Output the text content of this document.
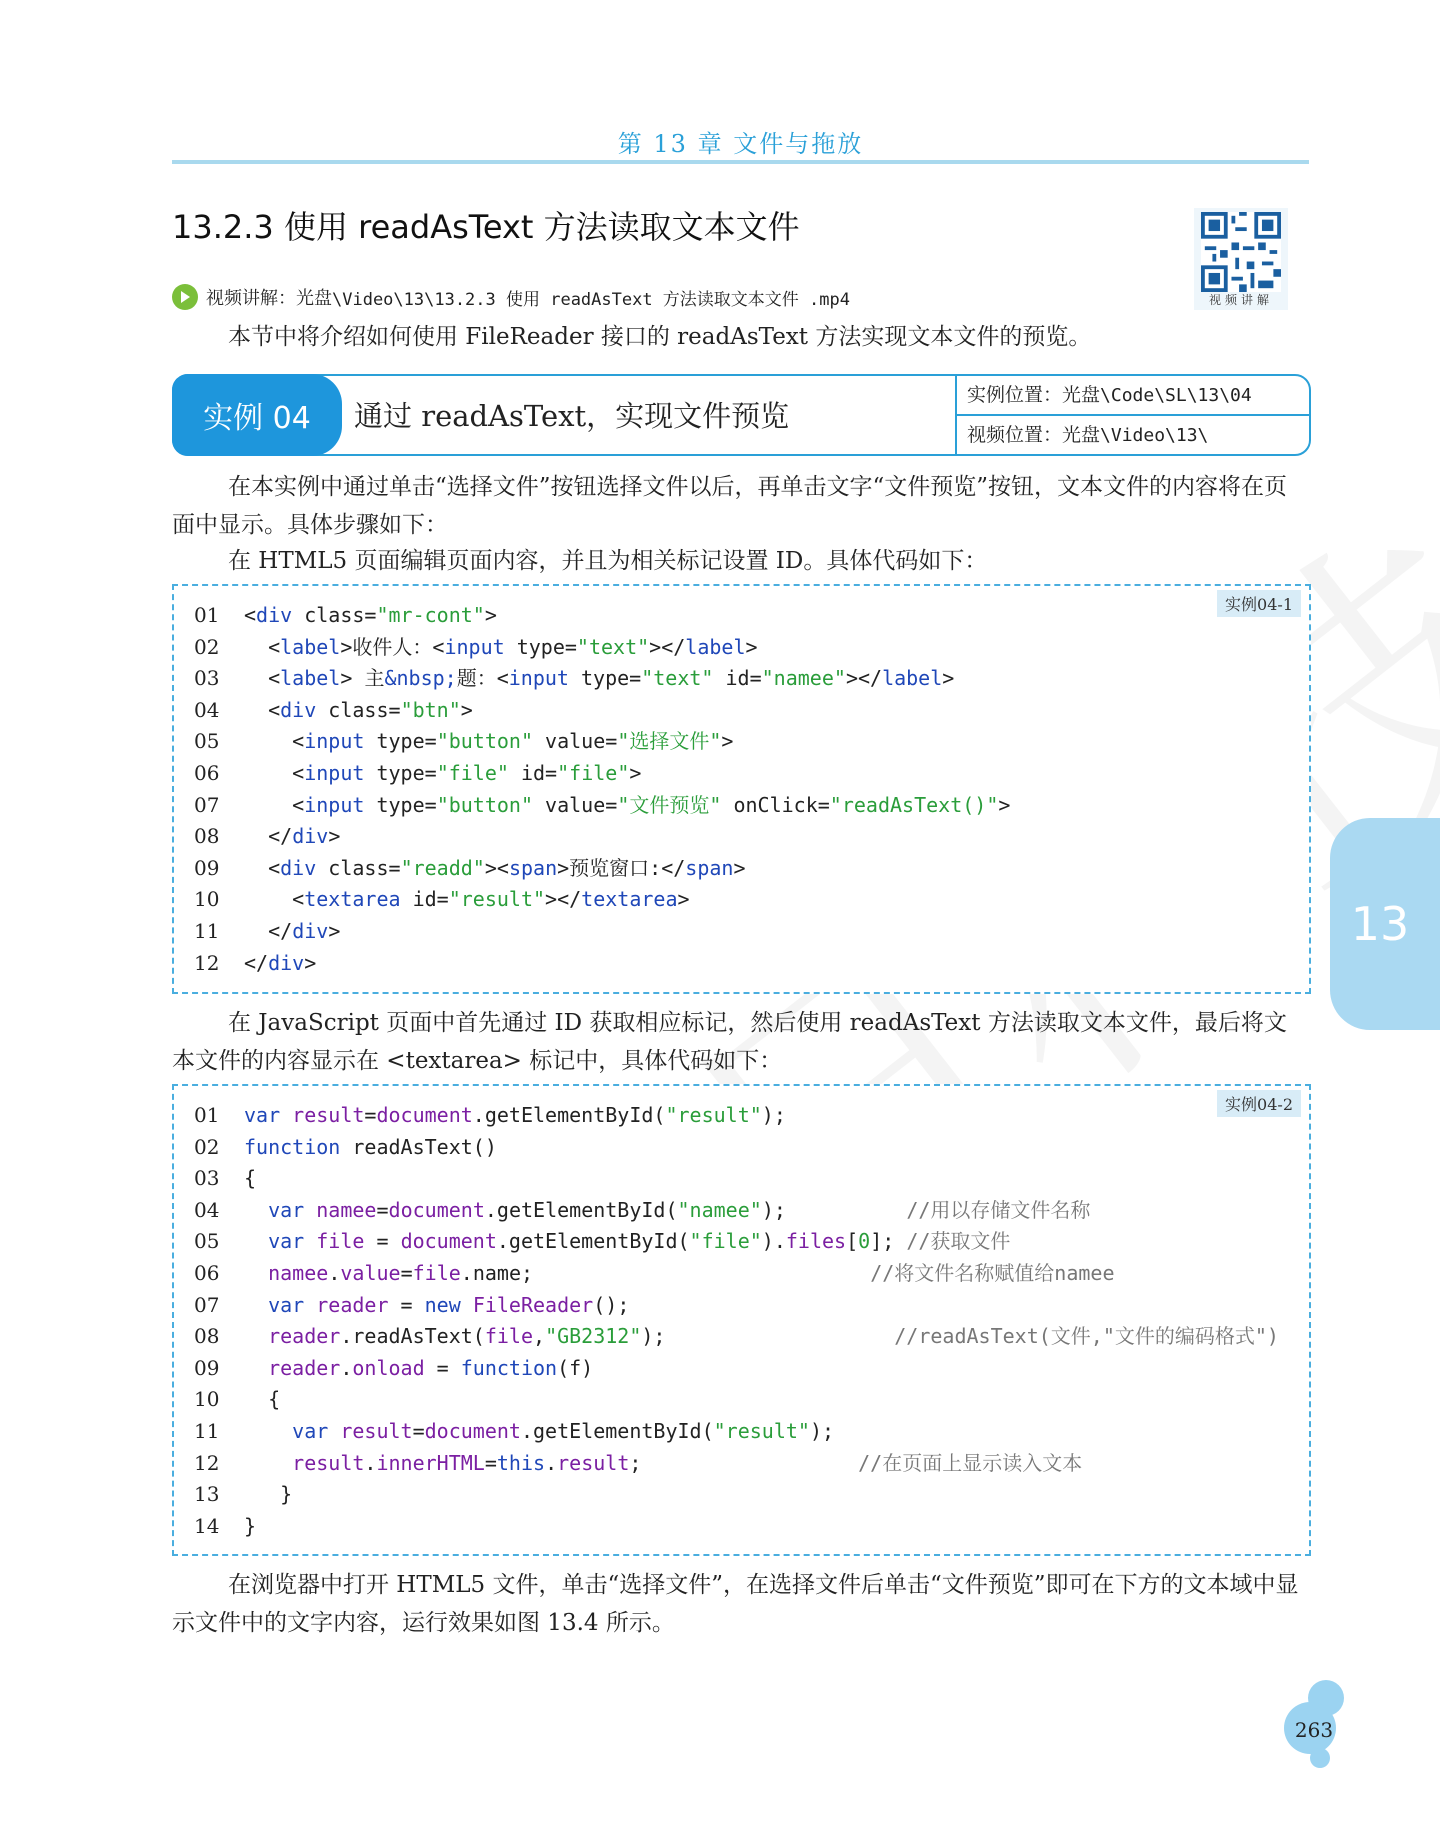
第 13 章 文件与拖放
13.2.3 使用 readAsText 方法读取文本文件
视频讲解
视频讲解：光盘 \Video\13\13.2.3 使用 readAsText 方法读取文本文件 .mp4
本节中将介绍如何使用 FileReader 接口的 readAsText 方法实现文本文件的预览。
实例 04	通过 readAsText，实现文件预览
实例位置：光盘\Code\SL\13\04
视频位置：光盘\Video\13\
在本实例中通过单击“选择文件”按钮选择文件以后，再单击文字“文件预览”按钮，文本文件的内容将在页面中显示。具体步骤如下：
在 HTML5 页面编辑页面内容，并且为相关标记设置 ID。具体代码如下：
实例04-1
01 <div class="mr-cont">
02 <label>收件人：<input type="text"></label>
03 <label> 主&nbsp;题：<input type="text" id="namee"></label>
04 <div class="btn">
05	<input type="button" value="选择文件">
06	<input type="file" id="file">
07	<input type="button" value="文件预览" onClick="readAsText()">
08 </div>
09 <div class="readd"><span>预览窗口:</span>
10	<textarea id="result"></textarea>
11 </div>
12 </div>
在 JavaScript 页面中首先通过 ID 获取相应标记，然后使用 readAsText 方法读取文本文件，最后将文本文件的内容显示在 <textarea> 标记中，具体代码如下：
实例04-2
01 var result=document.getElementById("result");
02 function readAsText()
03 {
04 var namee=document.getElementById("namee");          //用以存储文件名称
05 var file = document.getElementById("file").files[0]; //获取文件
06 namee.value=file.name;                            //将文件名称赋值给namee
07 var reader = new FileReader();
08 reader.readAsText(file,"GB2312");                   //readAsText(文件,"文件的编码格式")
09 reader.onload = function(f)
10 {
11	var result=document.getElementById("result");
12	result.innerHTML=this.result;                  //在页面上显示读入文本
13   }
14 }
在浏览器中打开 HTML5 文件，单击“选择文件”，在选择文件后单击“文件预览”即可在下方的文本域中显示文件中的文字内容，运行效果如图 13.4 所示。
13
263
